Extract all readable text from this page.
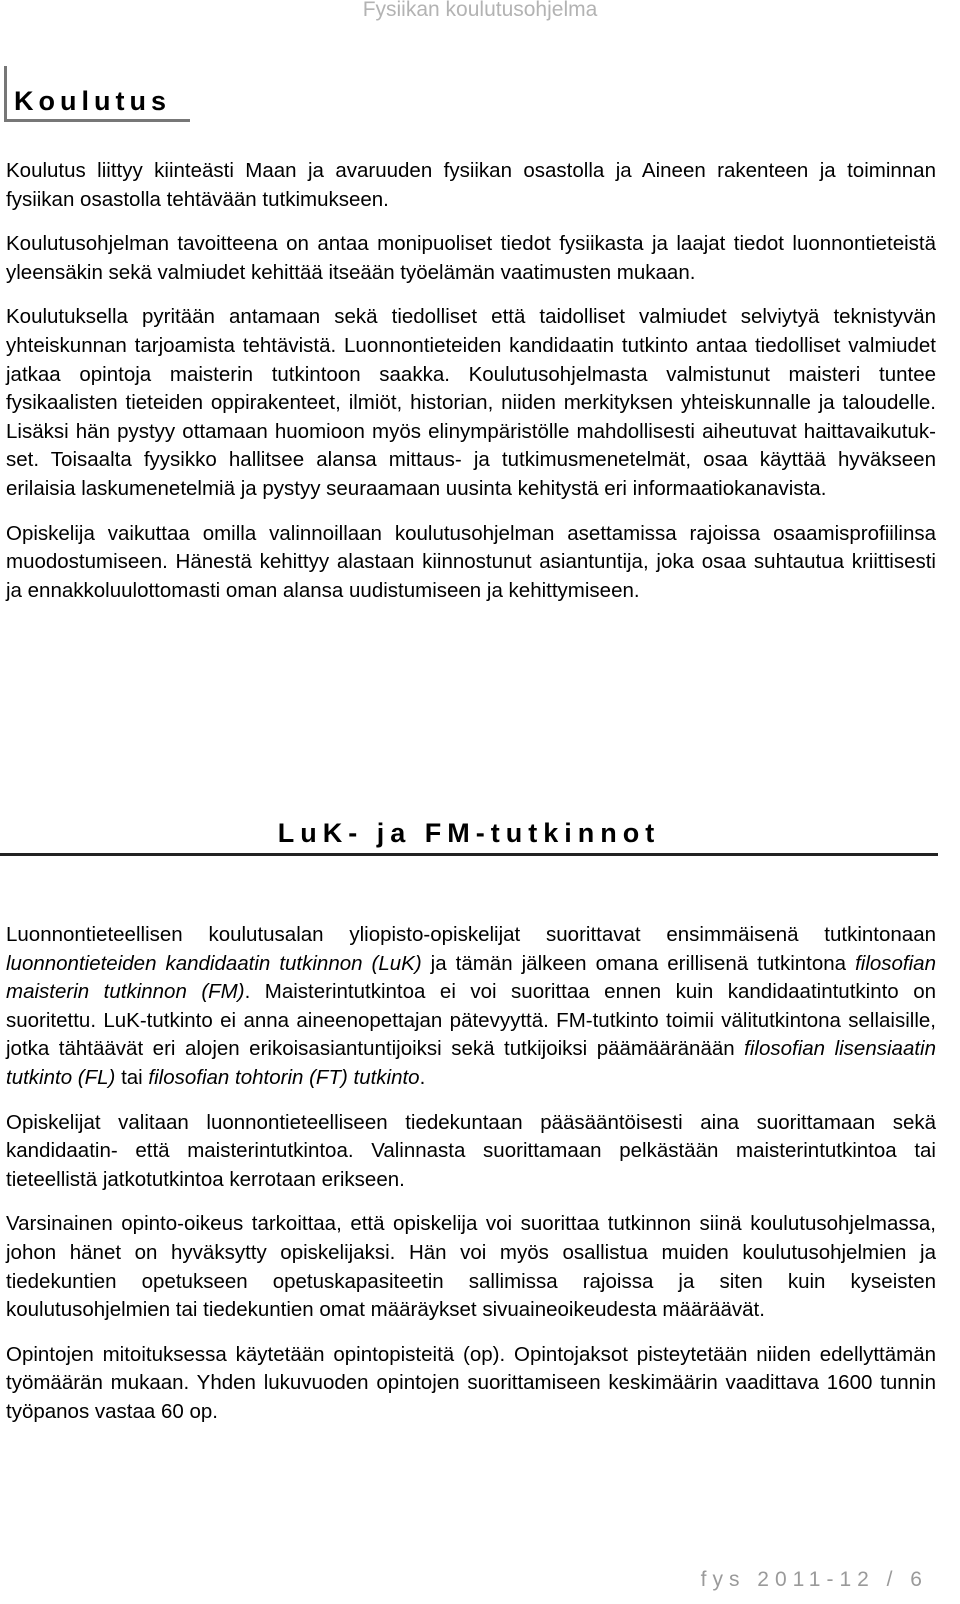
Fysiikan koulutusohjelma
Koulutus

Koulutus liittyy kiinteästi Maan ja avaruuden fysiikan osastolla ja Aineen rakenteen ja toiminnan fysiikan osastolla tehtävään tutkimukseen.

Koulutusohjelman tavoitteena on antaa monipuoliset tiedot fysiikasta ja laajat tiedot luonnontieteistä yleensäkin sekä valmiudet kehittää itseään työelämän vaatimusten mukaan.

Koulutuksella pyritään antamaan sekä tiedolliset että taidolliset valmiudet selviytyä teknistyvän yhteiskunnan tarjoamista tehtävistä. Luonnontieteiden kandidaatin tutkinto antaa tiedolliset valmiudet jatkaa opintoja maisterin tutkintoon saakka. Koulutusohjelmasta valmistunut maisteri tuntee fysikaalisten tieteiden oppirakenteet, ilmiöt, historian, niiden merkityksen yhteiskunnalle ja taloudelle. Lisäksi hän pystyy ottamaan huomioon myös elinympäristölle mahdollisesti aiheutuvat haittavaikutukset. Toisaalta fyysikko hallitsee alansa mittaus- ja tutkimusmenetelmät, osaa käyttää hyväkseen erilaisia laskumenetelmiä ja pystyy seuraamaan uusinta kehitystä eri informaatiokanavista.

Opiskelija vaikuttaa omilla valinnoillaan koulutusohjelman asettamissa rajoissa osaamisprofiilinsa muodostumiseen. Hänestä kehittyy alastaan kiinnostunut asiantuntija, joka osaa suhtautua kriittisesti ja ennakkoluulottomasti oman alansa uudistumiseen ja kehittymiseen.

LuK- ja FM-tutkinnot

Luonnontieteellisen koulutusalan yliopisto-opiskelijat suorittavat ensimmäisenä tutkintonaan luonnontieteiden kandidaatin tutkinnon (LuK) ja tämän jälkeen omana erillisenä tutkintona filosofian maisterin tutkinnon (FM). Maisterintutkintoa ei voi suorittaa ennen kuin kandidaatintutkinto on suoritettu. LuK-tutkinto ei anna aineenopettajan pätevyyttä. FM-tutkinto toimii välitutkintona sellaisille, jotka tähtäävät eri alojen erikoisasiantuntijoiksi sekä tutkijoiksi päämääränään filosofian lisensiaatin tutkinto (FL) tai filosofian tohtorin (FT) tutkinto.

Opiskelijat valitaan luonnontieteelliseen tiedekuntaan pääsääntöisesti aina suorittamaan sekä kandidaatin- että maisterintutkintoa. Valinnasta suorittamaan pelkästään maisterintutkintoa tai tieteellistä jatkotutkintoa kerrotaan erikseen.

Varsinainen opinto-oikeus tarkoittaa, että opiskelija voi suorittaa tutkinnon siinä koulutusohjelmassa, johon hänet on hyväksytty opiskelijaksi. Hän voi myös osallistua muiden koulutusohjelmien ja tiedekuntien opetukseen opetuskapasiteetin sallimissa rajoissa ja siten kuin kyseisten koulutusohjelmien tai tiedekuntien omat määräykset sivuaineoikeudesta määräävät.

Opintojen mitoituksessa käytetään opintopisteitä (op). Opintojaksot pisteytetään niiden edellyttämän työmäärän mukaan. Yhden lukuvuoden opintojen suorittamiseen keskimäärin vaadittava 1600 tunnin työpanos vastaa 60 op.

fys 2011-12 / 6
